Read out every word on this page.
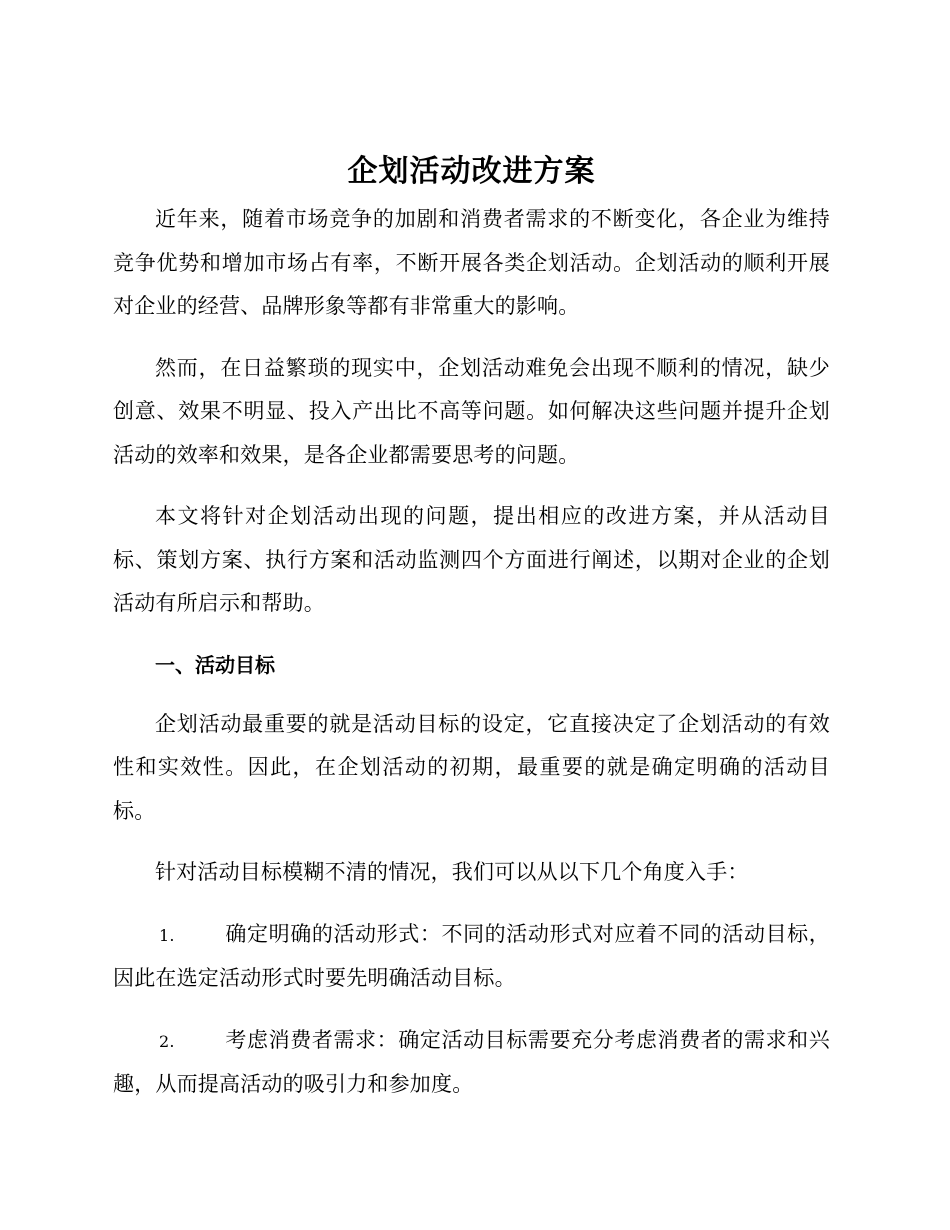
企划活动改进方案

近年来，随着市场竞争的加剧和消费者需求的不断变化，各企业为维持竞争优势和增加市场占有率，不断开展各类企划活动。企划活动的顺利开展对企业的经营、品牌形象等都有非常重大的影响。

然而，在日益繁琐的现实中，企划活动难免会出现不顺利的情况，缺少创意、效果不明显、投入产出比不高等问题。如何解决这些问题并提升企划活动的效率和效果，是各企业都需要思考的问题。

本文将针对企划活动出现的问题，提出相应的改进方案，并从活动目标、策划方案、执行方案和活动监测四个方面进行阐述，以期对企业的企划活动有所启示和帮助。

一、活动目标

企划活动最重要的就是活动目标的设定，它直接决定了企划活动的有效性和实效性。因此，在企划活动的初期，最重要的就是确定明确的活动目标。

针对活动目标模糊不清的情况，我们可以从以下几个角度入手：

1. 确定明确的活动形式：不同的活动形式对应着不同的活动目标，因此在选定活动形式时要先明确活动目标。

2. 考虑消费者需求：确定活动目标需要充分考虑消费者的需求和兴趣，从而提高活动的吸引力和参加度。
